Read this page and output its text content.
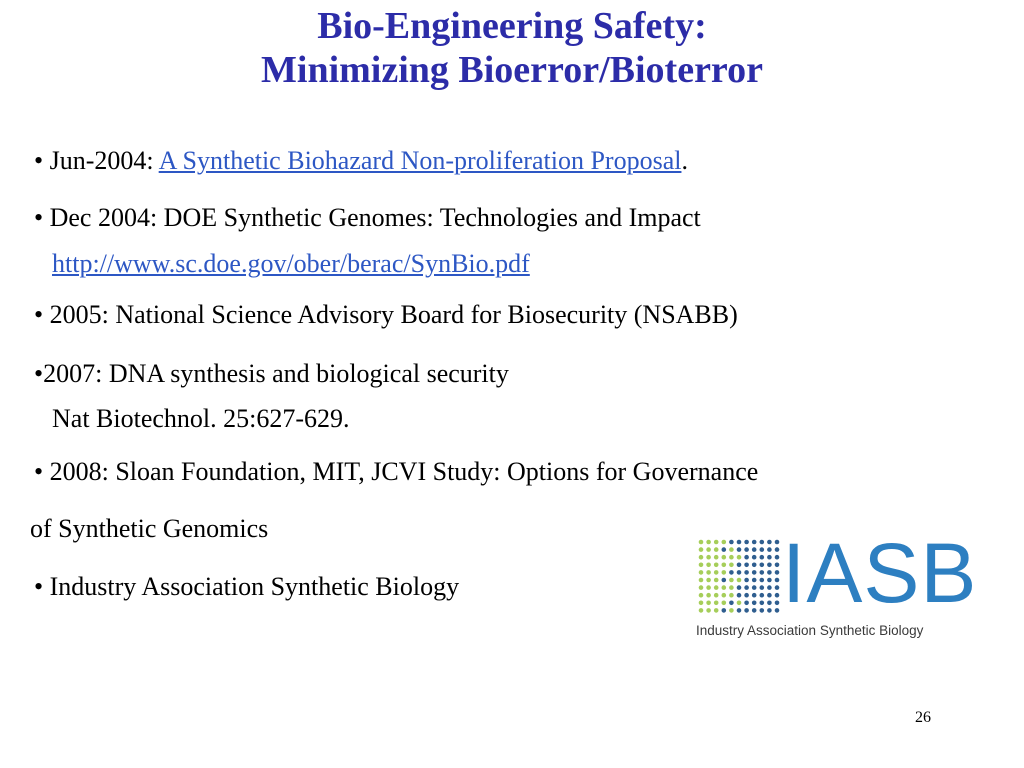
Bio-Engineering Safety:
Minimizing Bioerror/Bioterror
• Jun-2004: A Synthetic Biohazard Non-proliferation Proposal.
• Dec 2004: DOE Synthetic Genomes: Technologies and Impact
http://www.sc.doe.gov/ober/berac/SynBio.pdf
• 2005: National Science Advisory Board for Biosecurity (NSABB)
•2007: DNA synthesis and biological security
Nat Biotechnol. 25:627-629.
• 2008: Sloan Foundation, MIT, JCVI Study: Options for Governance
of Synthetic Genomics
• Industry Association Synthetic Biology	IASB
Industry Association Synthetic Biology
26
